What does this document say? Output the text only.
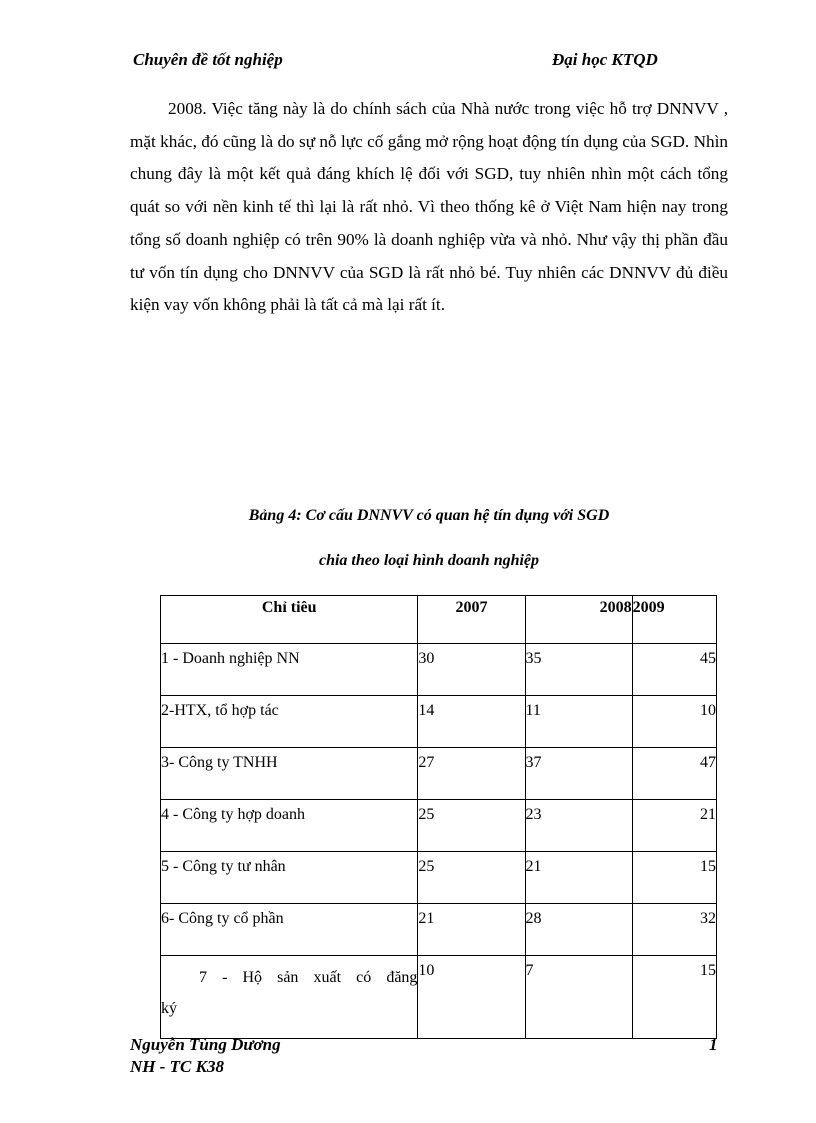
Chuyên đề tốt nghiệp	Đại học KTQD

2008. Việc tăng này là do chính sách của Nhà nước trong việc hỗ trợ DNNVV , mặt khác, đó cũng là do sự nỗ lực cố gắng mở rộng hoạt động tín dụng của SGD. Nhìn chung đây là một kết quả đáng khích lệ đối với SGD, tuy nhiên nhìn một cách tổng quát so với nền kinh tế thì lại là rất nhỏ. Vì theo thống kê ở Việt Nam hiện nay trong tổng số doanh nghiệp có trên 90% là doanh nghiệp vừa và nhỏ. Như vậy thị phần đầu tư vốn tín dụng cho DNNVV của SGD là rất nhỏ bé. Tuy nhiên các DNNVV đủ điều kiện vay vốn không phải là tất cả mà lại rất ít.

Bảng 4: Cơ cấu DNNVV có quan hệ tín dụng với SGD
chia theo loại hình doanh nghiệp
Chỉ tiêu	2007	2008	2009
1 - Doanh nghiệp NN	30	35	45
2-HTX, tổ hợp tác	14	11	10
3- Công ty TNHH	27	37	47
4 - Công ty hợp doanh	25	23	21
5 - Công ty tư nhân	25	21	15
6- Công ty cổ phần	21	28	32
7 - Hộ sản xuất có đăng
ký	10	7	15
Nguyễn Tùng Dương
NH - TC K38
1
